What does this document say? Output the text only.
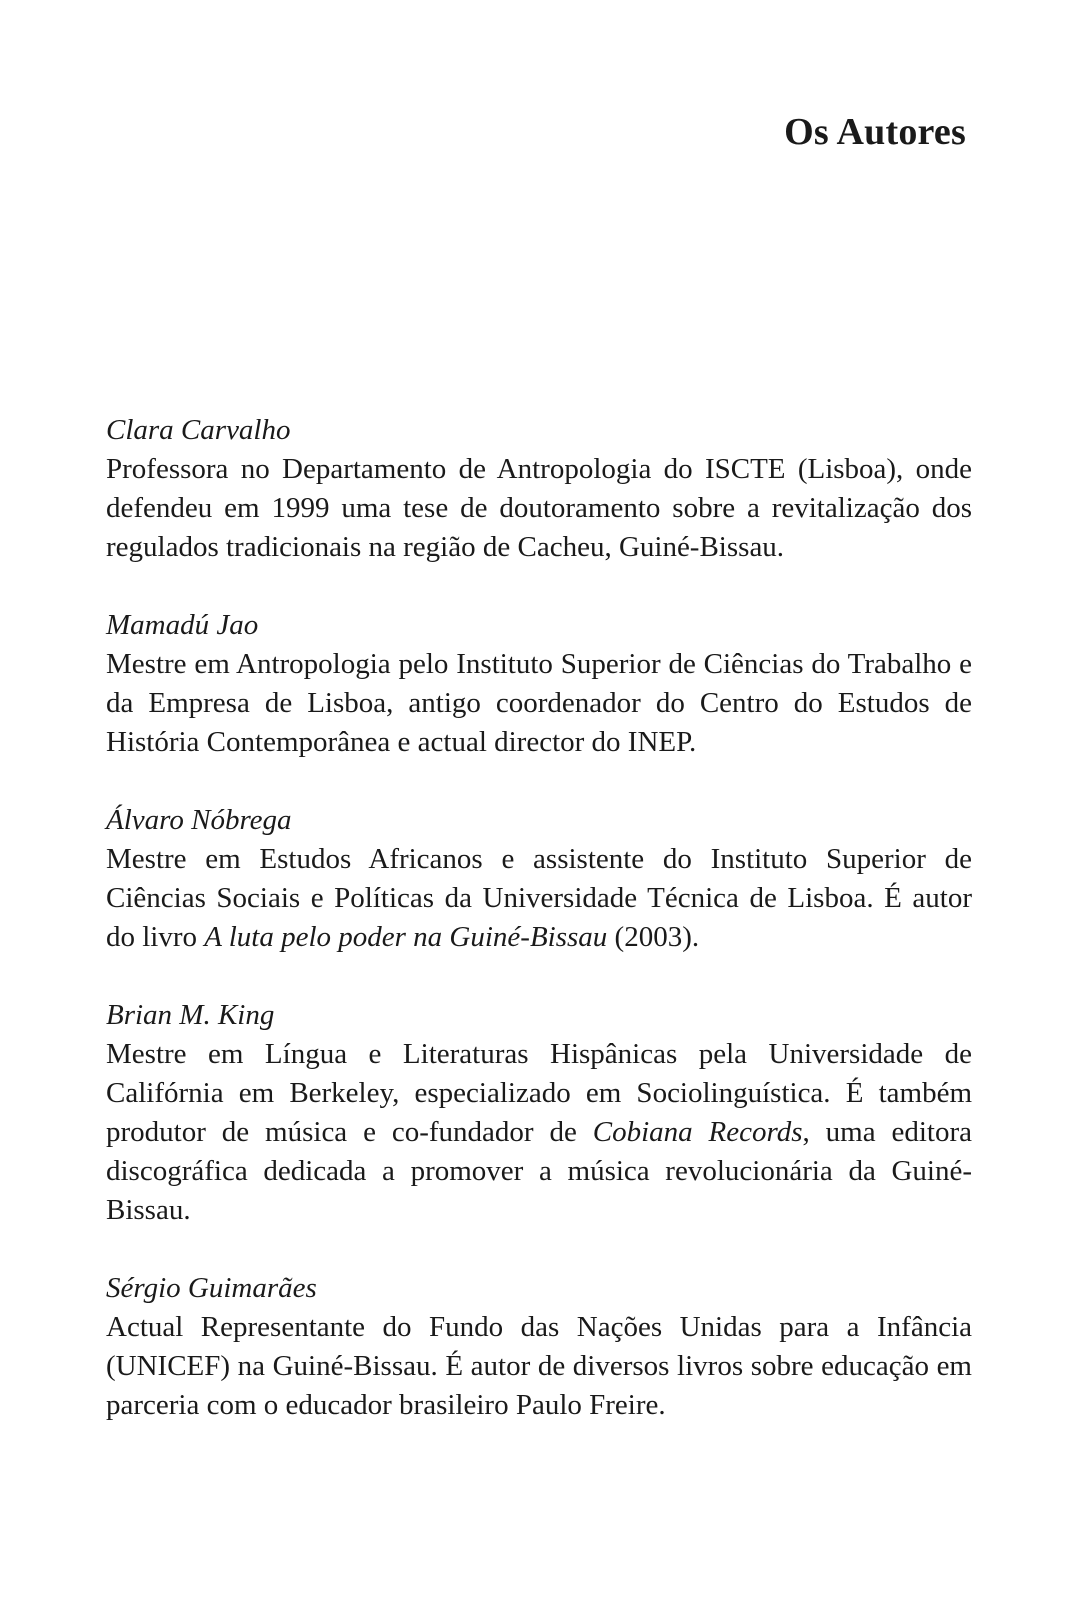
Os Autores

Clara Carvalho

Professora no Departamento de Antropologia do ISCTE (Lisboa), onde defendeu em 1999 uma tese de doutoramento sobre a revitalização dos regulados tradicionais na região de Cacheu, Guiné-Bissau.

Mamadú Jao

Mestre em Antropologia pelo Instituto Superior de Ciências do Trabalho e da Empresa de Lisboa, antigo coordenador do Centro do Estudos de História Contemporânea e actual director do INEP.

Álvaro Nóbrega

Mestre em Estudos Africanos e assistente do Instituto Superior de Ciências Sociais e Políticas da Universidade Técnica de Lisboa. É autor do livro A luta pelo poder na Guiné-Bissau (2003).

Brian M. King

Mestre em Língua e Literaturas Hispânicas pela Universidade de Califórnia em Berkeley, especializado em Sociolinguística. É também produtor de música e co-fundador de Cobiana Records, uma editora discográfica dedicada a promover a música revolucionária da Guiné-Bissau.

Sérgio Guimarães

Actual Representante do Fundo das Nações Unidas para a Infância (UNICEF) na Guiné-Bissau. É autor de diversos livros sobre educação em parceria com o educador brasileiro Paulo Freire.
